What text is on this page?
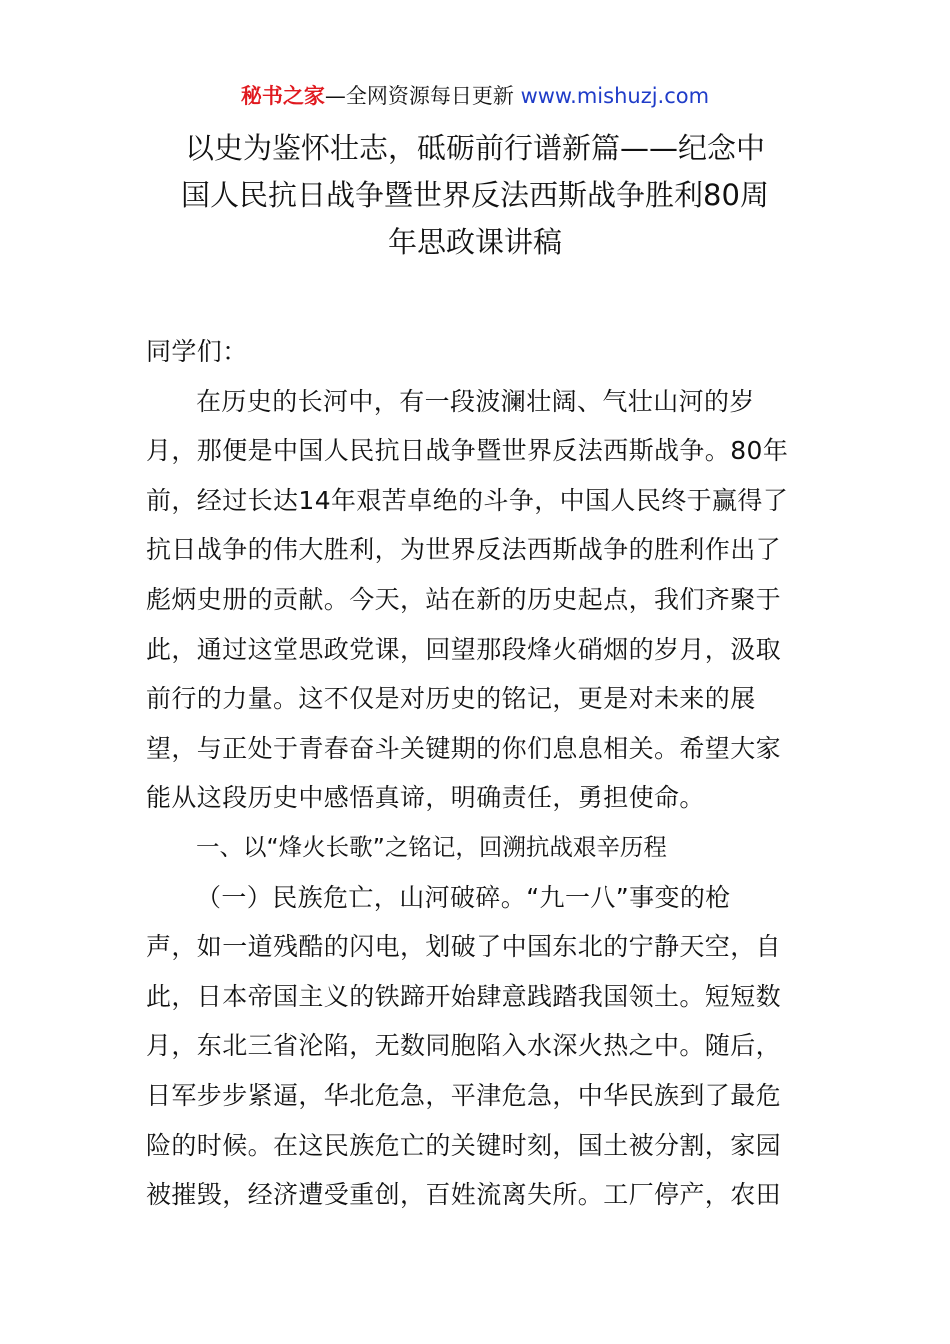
秘书之家—全网资源每日更新 www.mishuzj.com
以史为鉴怀壮志，砥砺前行谱新篇——纪念中
国人民抗日战争暨世界反法西斯战争胜利80周
年思政课讲稿
同学们：
在历史的长河中，有一段波澜壮阔、气壮山河的岁
月，那便是中国人民抗日战争暨世界反法西斯战争。80年
前，经过长达14年艰苦卓绝的斗争，中国人民终于赢得了
抗日战争的伟大胜利，为世界反法西斯战争的胜利作出了
彪炳史册的贡献。今天，站在新的历史起点，我们齐聚于
此，通过这堂思政党课，回望那段烽火硝烟的岁月，汲取
前行的力量。这不仅是对历史的铭记，更是对未来的展
望，与正处于青春奋斗关键期的你们息息相关。希望大家
能从这段历史中感悟真谛，明确责任，勇担使命。
一、以“烽火长歌”之铭记，回溯抗战艰辛历程
（一）民族危亡，山河破碎。“九一八”事变的枪
声，如一道残酷的闪电，划破了中国东北的宁静天空，自
此，日本帝国主义的铁蹄开始肆意践踏我国领土。短短数
月，东北三省沦陷，无数同胞陷入水深火热之中。随后，
日军步步紧逼，华北危急，平津危急，中华民族到了最危
险的时候。在这民族危亡的关键时刻，国土被分割，家园
被摧毁，经济遭受重创，百姓流离失所。工厂停产，农田
